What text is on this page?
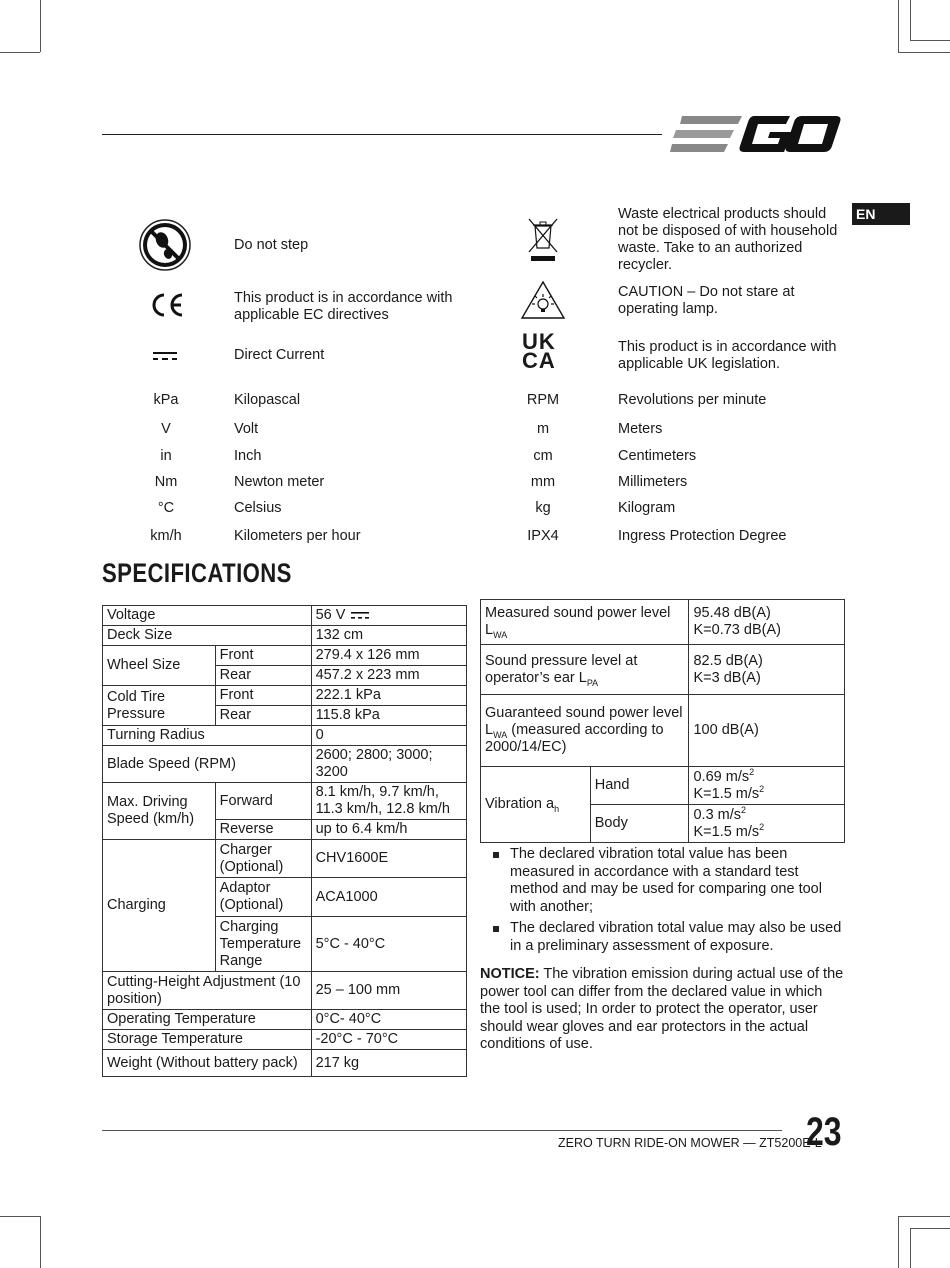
EGO
EN
Do not step
This product is in accordance with applicable EC directives
Direct Current
Waste electrical products should not be disposed of with household waste. Take to an authorized recycler.
CAUTION – Do not stare at operating lamp.
UK
CA
This product is in accordance with applicable UK legislation.
kPa	Kilopascal
V	Volt
in	Inch
Nm	Newton meter
°C	Celsius
km/h	Kilometers per hour
RPM	Revolutions per minute
m	Meters
cm	Centimeters
mm	Millimeters
kg	Kilogram
IPX4	Ingress Protection Degree
SPECIFICATIONS
Voltage		56 V
Deck Size		132 cm
Wheel Size	Front	279.4 x 126 mm
	Rear	457.2 x 223 mm
Cold Tire Pressure	Front	222.1 kPa
	Rear	115.8 kPa
Turning Radius		0
Blade Speed (RPM)		2600; 2800; 3000; 3200
Max. Driving Speed (km/h)	Forward	8.1 km/h, 9.7 km/h, 11.3 km/h, 12.8 km/h
	Reverse	up to 6.4 km/h
Charging	Charger (Optional)	CHV1600E
	Adaptor (Optional)	ACA1000
	Charging Temperature Range	5°C - 40°C
Cutting-Height Adjustment (10 position)		25 – 100 mm
Operating Temperature		0°C- 40°C
Storage Temperature		-20°C - 70°C
Weight (Without battery pack)		217 kg
Measured sound power level $L_{WA}$		95.48 dB(A)
K=0.73 dB(A)

Sound pressure level at operator’s ear $L_{PA}$		82.5 dB(A)
K=3 dB(A)

Guaranteed sound power level $L_{WA}$ (measured according to 2000/14/EC)		100 dB(A)
Vibration $a_h$	Hand	0.69 $m/s^2$
K=1.5 $m/s^2$

	Body	0.3 $m/s^2$
K=1.5 $m/s^2$
The declared vibration total value has been measured in accordance with a standard test method and may be used for comparing one tool with another;
The declared vibration total value may also be used in a preliminary assessment of exposure.
NOTICE: The vibration emission during actual use of the power tool can differ from the declared value in which the tool is used; In order to protect the operator, user should wear gloves and ear protectors in the actual conditions of use.
ZERO TURN RIDE-ON MOWER — ZT5200E-L
23
